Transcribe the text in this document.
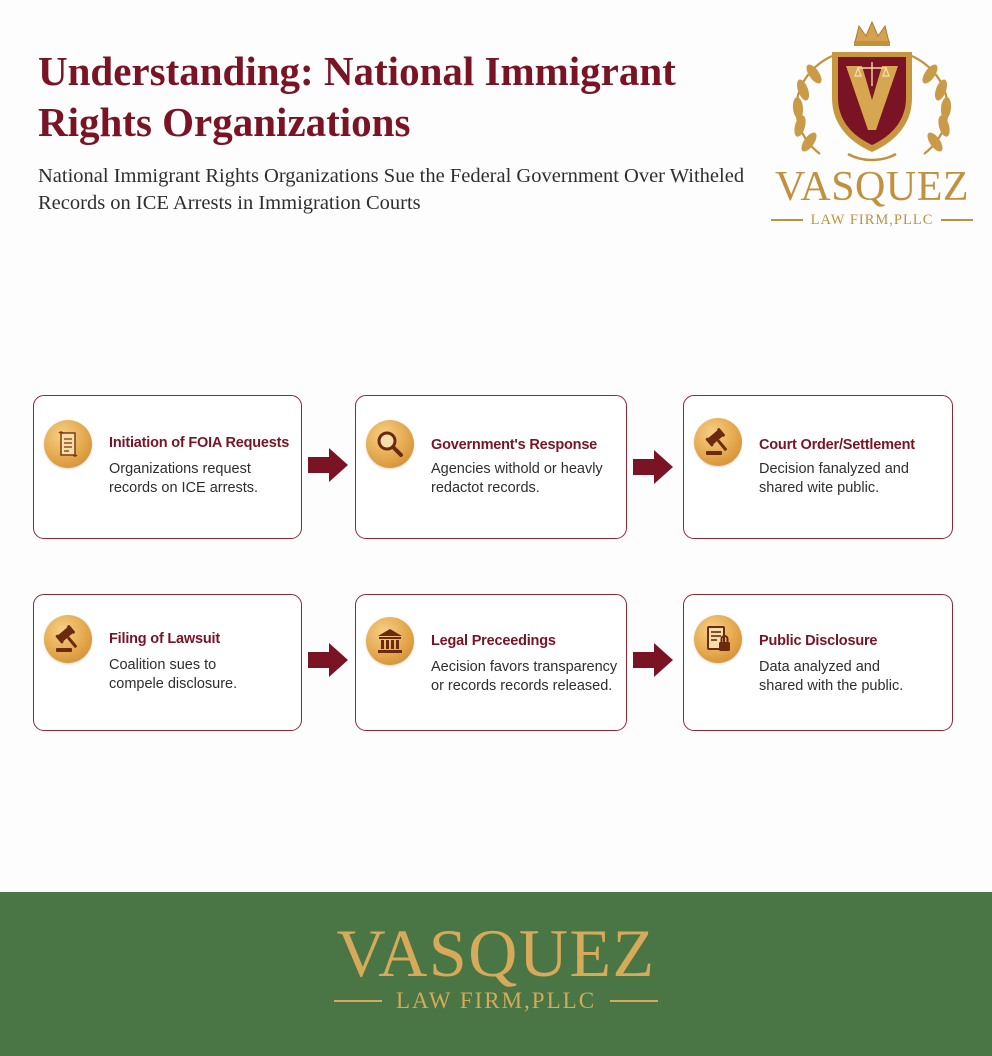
Understanding: National Immigrant Rights Organizations

National Immigrant Rights Organizations Sue the Federal Government Over Witheled Records on ICE Arrests in Immigration Courts	VASQUEZ
LAW FIRM,PLLC
Initiation of FOIA Requests
Organizations request records on ICE arrests.
Government's Response
Agencies withold or heavly redactot records.
Court Order/Settlement
Decision fanalyzed and shared wite public.
Filing of Lawsuit
Coalition sues to compele disclosure.
Legal Preceedings
Aecision favors transparency or records records released.
Public Disclosure
Data analyzed and shared with the public.
VASQUEZ
LAW FIRM,PLLC
